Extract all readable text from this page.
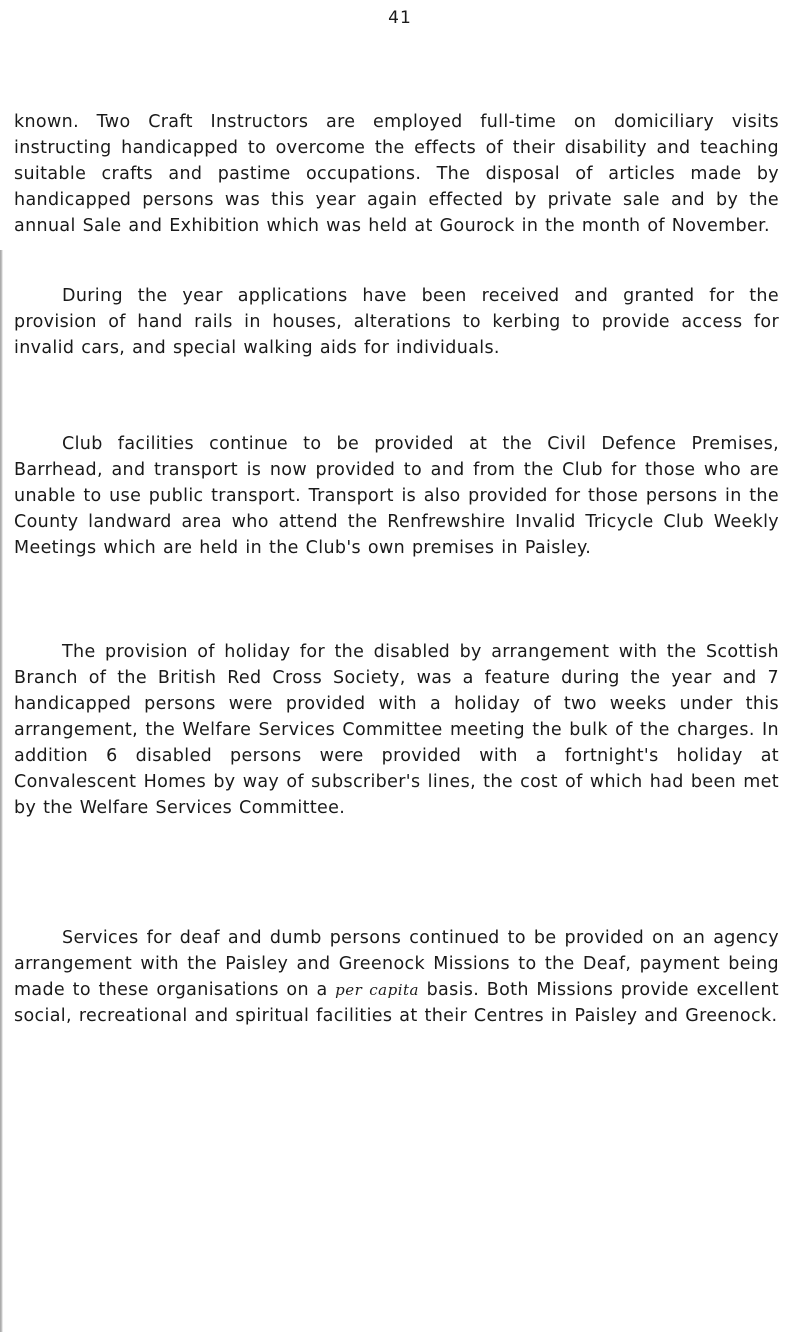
41

known. Two Craft Instructors are employed full-time on domiciliary visits instructing handicapped to overcome the effects of their disability and teaching suitable crafts and pastime occupations. The disposal of articles made by handicapped persons was this year again effected by private sale and by the annual Sale and Exhibition which was held at Gourock in the month of November.

During the year applications have been received and granted for the provision of hand rails in houses, alterations to kerbing to provide access for invalid cars, and special walking aids for individuals.

Club facilities continue to be provided at the Civil Defence Premises, Barrhead, and transport is now provided to and from the Club for those who are unable to use public transport. Transport is also provided for those persons in the County landward area who attend the Renfrewshire Invalid Tricycle Club Weekly Meetings which are held in the Club's own premises in Paisley.

The provision of holiday for the disabled by arrangement with the Scottish Branch of the British Red Cross Society, was a feature during the year and 7 handicapped persons were provided with a holiday of two weeks under this arrangement, the Welfare Services Committee meeting the bulk of the charges. In addition 6 disabled persons were provided with a fortnight's holiday at Convalescent Homes by way of subscriber's lines, the cost of which had been met by the Welfare Services Committee.

Services for deaf and dumb persons continued to be provided on an agency arrangement with the Paisley and Greenock Missions to the Deaf, payment being made to these organisations on a per capita basis. Both Missions provide excellent social, recreational and spiritual facilities at their Centres in Paisley and Greenock.
